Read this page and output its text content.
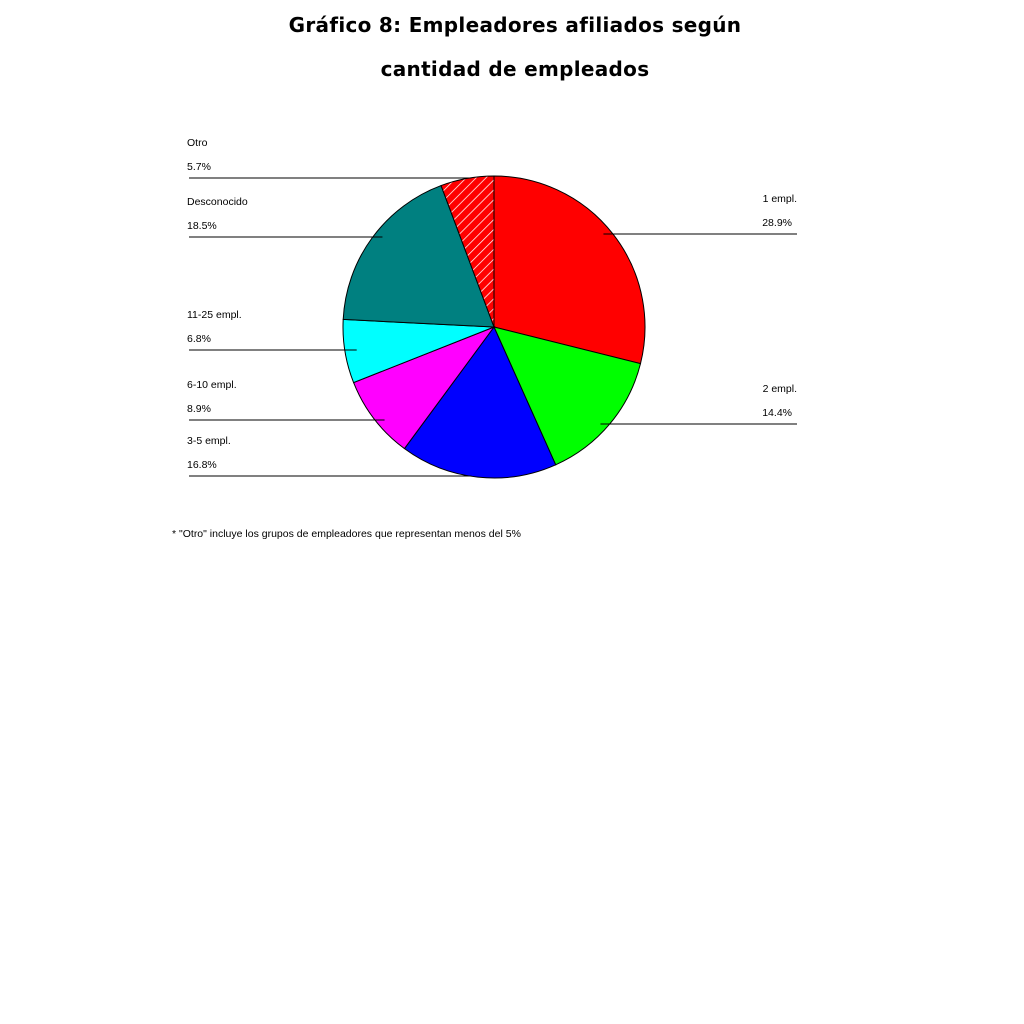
Gráfico 8: Empleadores afiliados según
cantidad de empleados
1 empl.
28.9%
2 empl.
14.4%
3-5 empl.
16.8%
6-10 empl.
8.9%
11-25 empl.
6.8%
Desconocido
18.5%
Otro
5.7%
* "Otro" incluye los grupos de empleadores que representan menos del 5%
